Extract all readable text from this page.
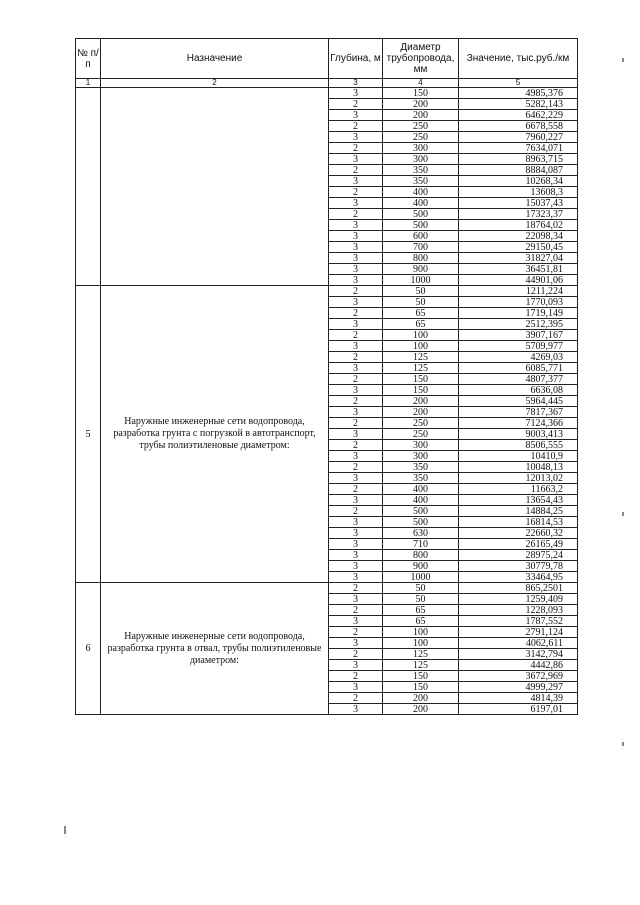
№ п/п	Назначение	Глубина, м	Диаметр трубопровода, мм	Значение, тыс.руб./км
1	2	3	4	5
		3	150	4985,376
		2	200	5282,143
		3	200	6462,229
		2	250	6678,558
		3	250	7960,227
		2	300	7634,071
		3	300	8963,715
		2	350	8884,087
		3	350	10268,34
		2	400	13608,3
		3	400	15037,43
		2	500	17323,37
		3	500	18764,02
		3	600	22098,34
		3	700	29150,45
		3	800	31827,04
		3	900	36451,81
		3	1000	44901,06
5	Наружные инженерные сети водопровода, разработка грунта с погрузкой в автотранспорт, трубы полиэтиленовые диаметром:	2	50	1211,224
		3	50	1770,093
		2	65	1719,149
		3	65	2512,395
		2	100	3907,167
		3	100	5709,977
		2	125	4269,03
		3	125	6085,771
		2	150	4807,377
		3	150	6636,08
		2	200	5964,445
		3	200	7817,367
		2	250	7124,366
		3	250	9003,413
		2	300	8506,555
		3	300	10410,9
		2	350	10048,13
		3	350	12013,02
		2	400	11663,2
		3	400	13654,43
		2	500	14884,25
		3	500	16814,53
		3	630	22660,32
		3	710	26165,49
		3	800	28975,24
		3	900	30779,78
		3	1000	33464,95
6	Наружные инженерные сети водопровода, разработка грунта в отвал, трубы полиэтиленовые диаметром:	2	50	865,2501
		3	50	1259,409
		2	65	1228,093
		3	65	1787,552
		2	100	2791,124
		3	100	4062,611
		2	125	3142,794
		3	125	4442,86
		2	150	3672,969
		3	150	4999,297
		2	200	4814,39
		3	200	6197,01
